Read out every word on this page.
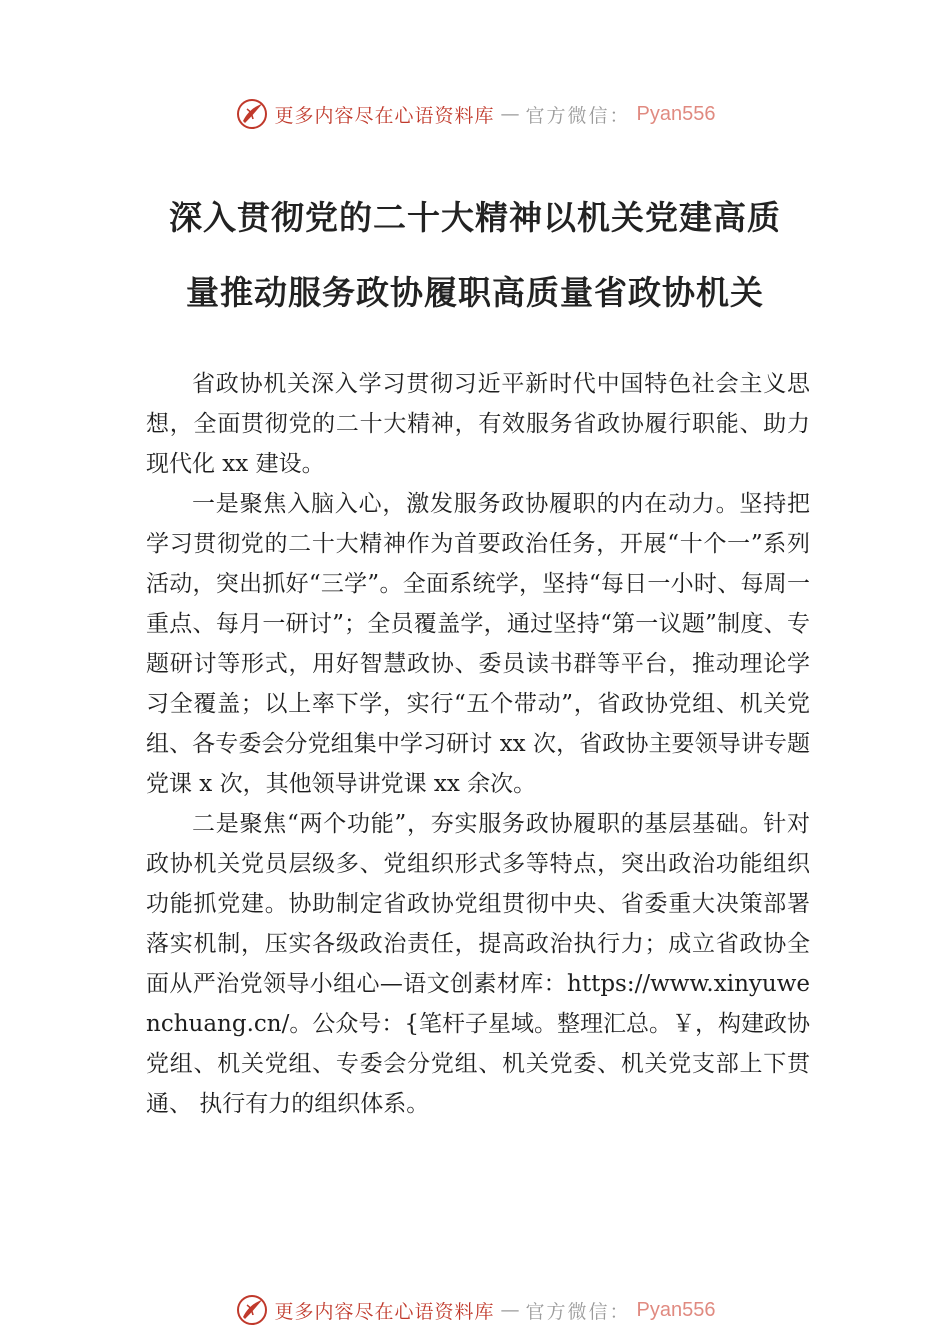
更多内容尽在心语资料库 — 官方微信： Pyan556
深入贯彻党的二十大精神以机关党建高质
量推动服务政协履职高质量省政协机关

省政协机关深入学习贯彻习近平新时代中国特色社会主义思想，全面贯彻党的二十大精神，有效服务省政协履行职能、助力现代化 xx 建设。

一是聚焦入脑入心，激发服务政协履职的内在动力。坚持把学习贯彻党的二十大精神作为首要政治任务，开展“十个一”系列活动，突出抓好“三学”。全面系统学，坚持“每日一小时、每周一重点、每月一研讨”；全员覆盖学，通过坚持“第一议题”制度、专题研讨等形式，用好智慧政协、委员读书群等平台，推动理论学习全覆盖；以上率下学，实行“五个带动”，省政协党组、机关党组、各专委会分党组集中学习研讨 xx 次，省政协主要领导讲专题党课 x 次，其他领导讲党课 xx 余次。

二是聚焦“两个功能”，夯实服务政协履职的基层基础。针对政协机关党员层级多、党组织形式多等特点，突出政治功能组织功能抓党建。协助制定省政协党组贯彻中央、省委重大决策部署落实机制，压实各级政治责任，提高政治执行力；成立省政协全面从严治党领导小组心—语文创素材库：https://www.xinyuwenchuang.cn/。公众号：{笔杆子星域。整理汇总。￥，构建政协党组、机关党组、专委会分党组、机关党委、机关党支部上下贯通、 执行有力的组织体系。

更多内容尽在心语资料库 — 官方微信： Pyan556
